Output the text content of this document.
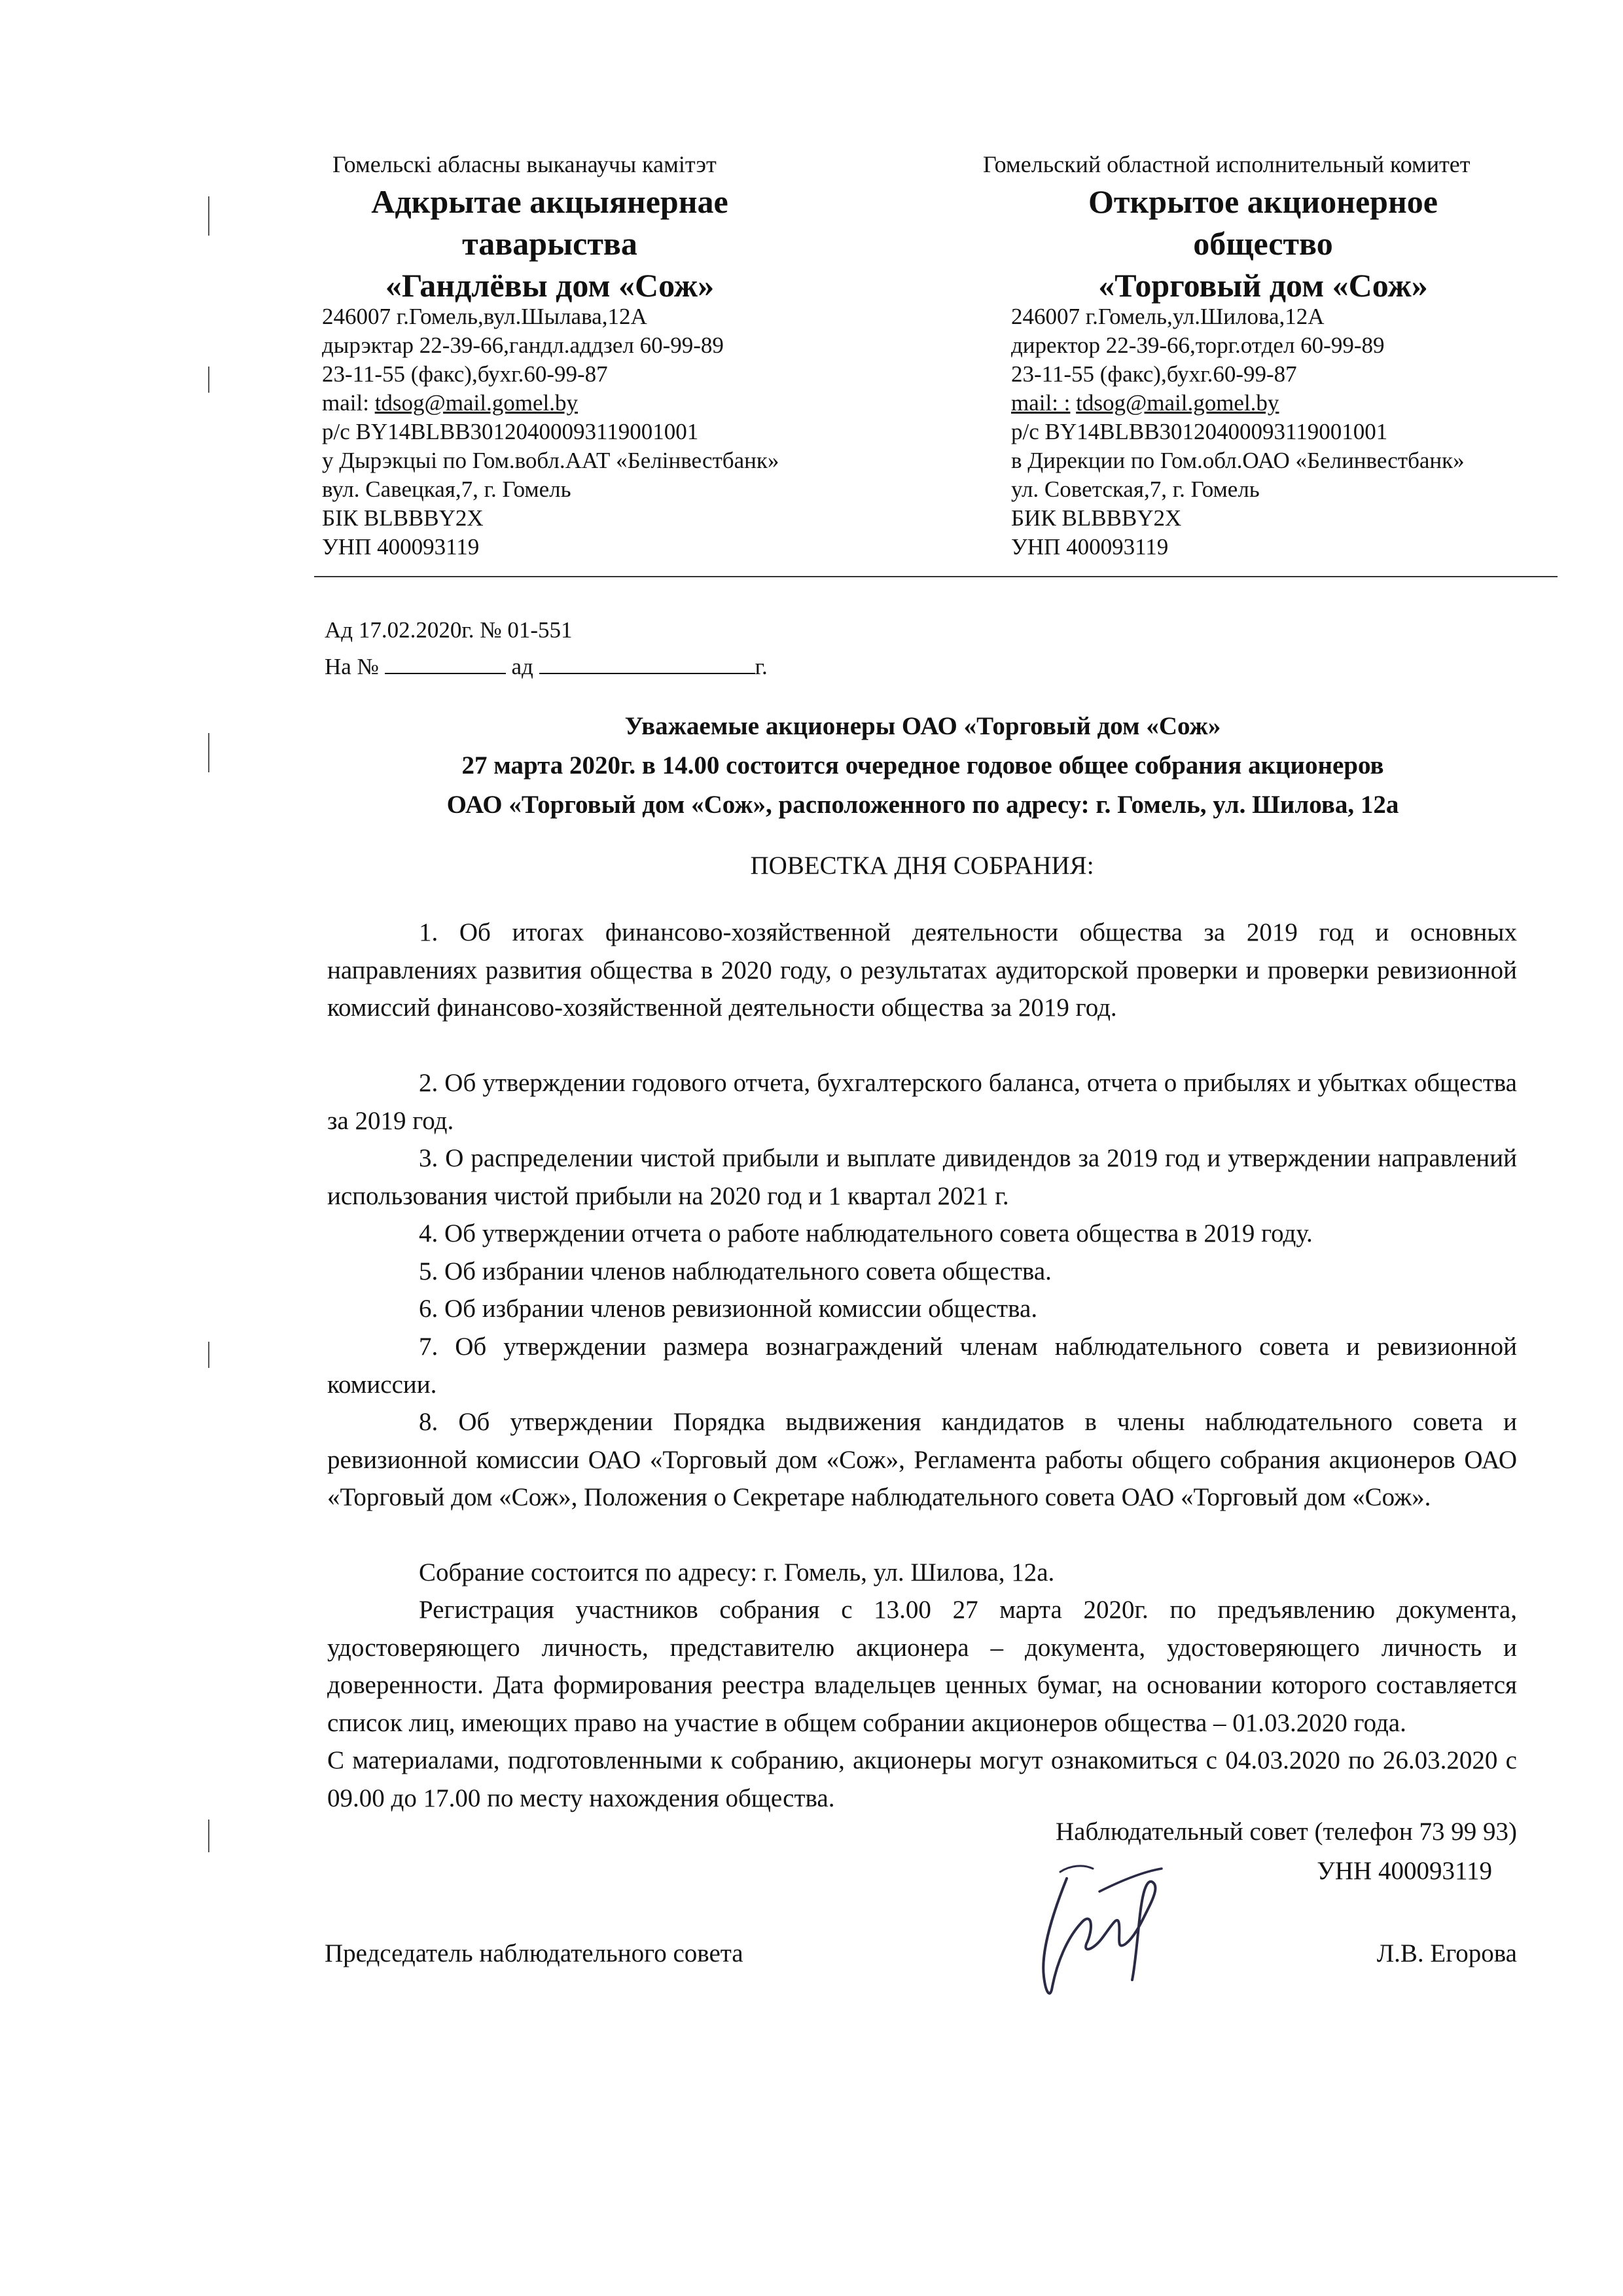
Гомельскі абласны выканаучы камітэт
Адкрытае акцыянернае
таварыства
«Гандлёвы дом «Сож»
246007 г.Гомель,вул.Шылава,12А
дырэктар 22-39-66,гандл.аддзел 60-99-89
23-11-55 (факс),бухг.60-99-87
mail: tdsog@mail.gomel.by
p/c BY14BLBB30120400093119001001
у Дырэкцыі по Гом.вобл.ААТ «Белінвестбанк»
вул. Савецкая,7, г. Гомель
БІК BLBBBY2X
УНП 400093119
Гомельский областной исполнительный комитет
Открытое акционерное
общество
«Торговый дом «Сож»
246007 г.Гомель,ул.Шилова,12А
директор 22-39-66,торг.отдел 60-99-89
23-11-55 (факс),бухг.60-99-87
mail: : tdsog@mail.gomel.by
p/c BY14BLBB30120400093119001001
в Дирекции по Гом.обл.ОАО «Белинвестбанк»
ул. Советская,7, г. Гомель
БИК BLBBBY2X
УНП 400093119
Ад 17.02.2020г. № 01-551
На №	ад	г.
Уважаемые акционеры ОАО «Торговый дом «Сож»
27 марта 2020г. в 14.00 состоится очередное годовое общее собрания акционеров
ОАО «Торговый дом «Сож», расположенного по адресу: г. Гомель, ул. Шилова, 12а
ПОВЕСТКА ДНЯ СОБРАНИЯ:
1. Об итогах финансово-хозяйственной деятельности общества за 2019 год и основных направлениях развития общества в 2020 году, о результатах аудиторской проверки и проверки ревизионной комиссий финансово-хозяйственной деятельности общества за 2019 год.
2. Об утверждении годового отчета, бухгалтерского баланса, отчета о прибылях и убытках общества за 2019 год.
3. О распределении чистой прибыли и выплате дивидендов за 2019 год и утверждении направлений использования чистой прибыли на 2020 год и 1 квартал 2021 г.
4. Об утверждении отчета о работе наблюдательного совета общества в 2019 году.
5. Об избрании членов наблюдательного совета общества.
6. Об избрании членов ревизионной комиссии общества.
7. Об утверждении размера вознаграждений членам наблюдательного совета и ревизионной комиссии.
8. Об утверждении Порядка выдвижения кандидатов в члены наблюдательного совета и ревизионной комиссии ОАО «Торговый дом «Сож», Регламента работы общего собрания акционеров ОАО «Торговый дом «Сож», Положения о Секретаре наблюдательного совета ОАО «Торговый дом «Сож».
Собрание состоится по адресу: г. Гомель, ул. Шилова, 12а.
Регистрация участников собрания с 13.00 27 марта 2020г. по предъявлению документа, удостоверяющего личность, представителю акционера – документа, удостоверяющего личность и доверенности. Дата формирования реестра владельцев ценных бумаг, на основании которого составляется список лиц, имеющих право на участие в общем собрании акционеров общества – 01.03.2020 года.
С материалами, подготовленными к собранию, акционеры могут ознакомиться с 04.03.2020 по 26.03.2020 с 09.00 до 17.00 по месту нахождения общества.
Наблюдательный совет (телефон 73 99 93)
УНН 400093119
Председатель наблюдательного совета	Л.В. Егорова
